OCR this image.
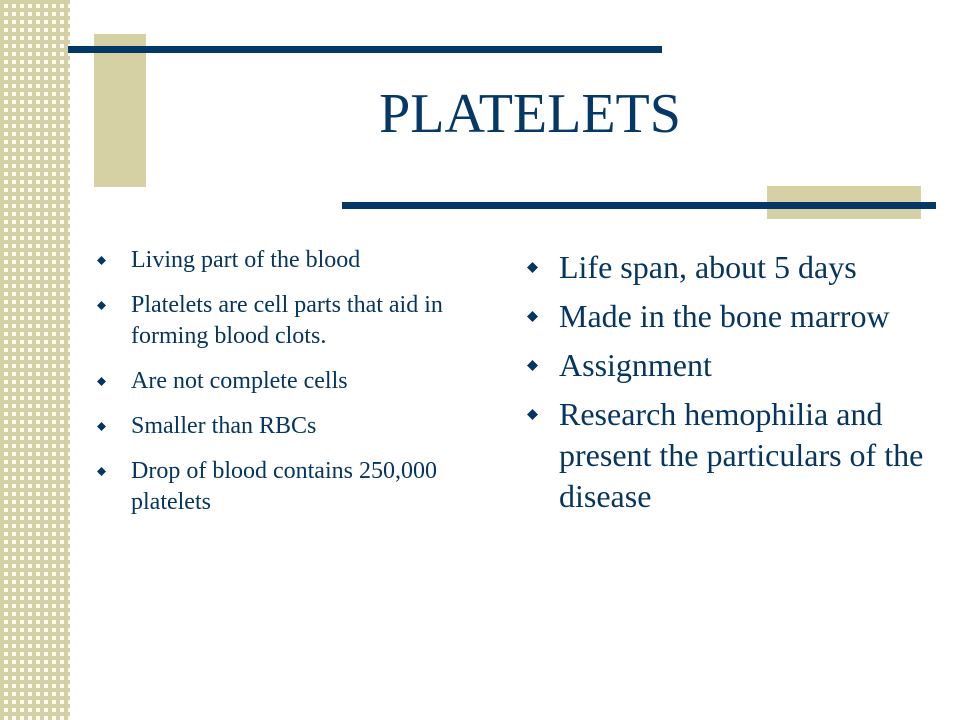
PLATELETS
Living part of the blood
Platelets are cell parts that aid in forming blood clots.
Are not complete cells
Smaller than RBCs
Drop of blood contains 250,000 platelets
Life span, about 5 days
Made in the bone marrow
Assignment
Research hemophilia and present the particulars of the disease
